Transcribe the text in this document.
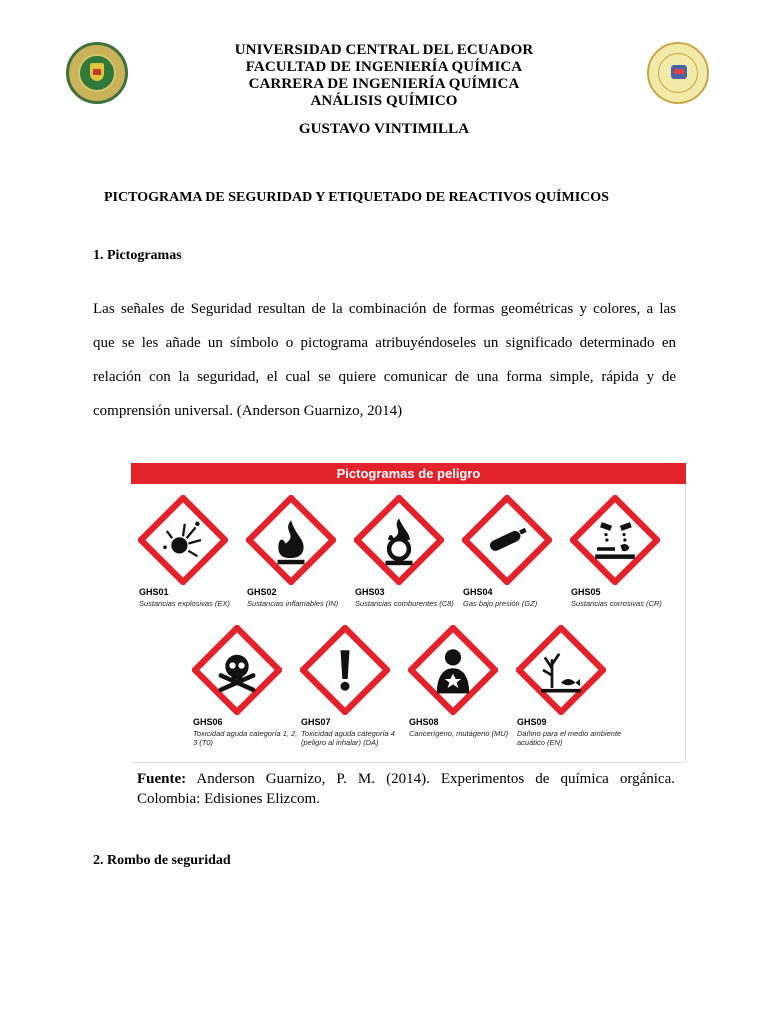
UNIVERSIDAD CENTRAL DEL ECUADOR
FACULTAD DE INGENIERÍA QUÍMICA
CARRERA DE INGENIERÍA QUÍMICA
ANÁLISIS QUÍMICO
GUSTAVO VINTIMILLA
PICTOGRAMA DE SEGURIDAD Y ETIQUETADO DE REACTIVOS QUÍMICOS
1. Pictogramas
Las señales de Seguridad resultan de la combinación de formas geométricas y colores, a las
que se les añade un símbolo o pictograma atribuyéndoseles un significado determinado en
relación con la seguridad, el cual se quiere comunicar de una forma simple, rápida y de
comprensión universal. (Anderson Guarnizo, 2014)
Pictogramas de peligro
GHS01
Sustancias explosivas (EX)
GHS02
Sustancias inflamables (IN)
GHS03
Sustancias comburentes (C8)
GHS04
Gas bajo presión (GZ)
GHS05
Sustancias corrosivas (CR)
GHS06
Toxicidad aguda categoría 1, 2, 3 (T0)
GHS07
Toxicidad aguda categoría 4 (peligro al inhalar) (DA)
GHS08
Cancerígeno, mutágeno (MU)
GHS09
Dañino para el medio ambiente acuático (EN)
Fuente: Anderson Guarnizo, P. M. (2014). Experimentos de química orgánica.
Colombia: Edisiones Elizcom.
2. Rombo de seguridad
